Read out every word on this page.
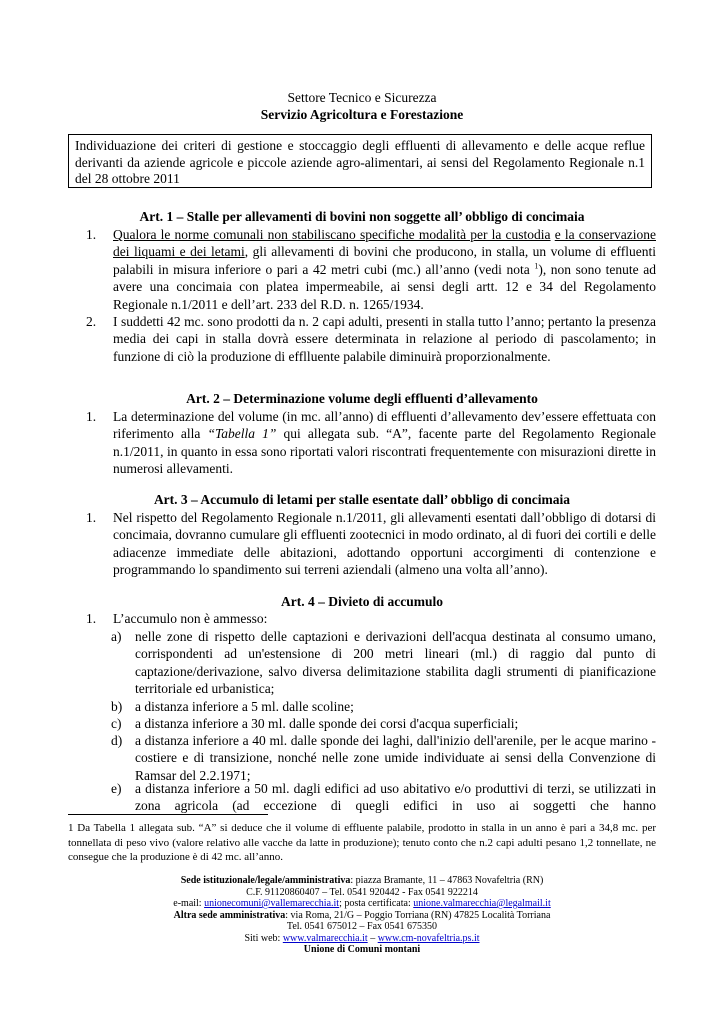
Settore Tecnico e Sicurezza
Servizio Agricoltura e Forestazione
Individuazione dei criteri di gestione e stoccaggio degli effluenti di allevamento e delle acque reflue derivanti da aziende agricole e piccole aziende agro-alimentari, ai sensi del Regolamento Regionale n.1 del 28 ottobre 2011
Art. 1 – Stalle per allevamenti di bovini non soggette all’ obbligo di concimaia
1. Qualora le norme comunali non stabiliscano specifiche modalità per la custodia e la conservazione dei liquami e dei letami, gli allevamenti di bovini che producono, in stalla, un volume di effluenti palabili in misura inferiore o pari a 42 metri cubi (mc.) all’anno (vedi nota $^1$), non sono tenute ad avere una concimaia con platea impermeabile, ai sensi degli artt. 12 e 34 del Regolamento Regionale n.1/2011 e dell’art. 233 del R.D. n. 1265/1934.
2. I suddetti 42 mc. sono prodotti da n. 2 capi adulti, presenti in stalla tutto l’anno; pertanto la presenza media dei capi in stalla dovrà essere determinata in relazione al periodo di pascolamento; in funzione di ciò la produzione di efflluente palabile diminuirà proporzionalmente.
Art. 2 – Determinazione volume degli effluenti d’allevamento
1. La determinazione del volume (in mc. all’anno) di effluenti d’allevamento dev’essere effettuata con riferimento alla “Tabella 1” qui allegata sub. “A”, facente parte del Regolamento Regionale n.1/2011, in quanto in essa sono riportati valori riscontrati frequentemente con misurazioni dirette in numerosi allevamenti.
Art. 3 – Accumulo di letami per stalle esentate dall’ obbligo di concimaia
1. Nel rispetto del Regolamento Regionale n.1/2011, gli allevamenti esentati dall’obbligo di dotarsi di concimaia, dovranno cumulare gli effluenti zootecnici in modo ordinato, al di fuori dei cortili e delle adiacenze immediate delle abitazioni, adottando opportuni accorgimenti di contenzione e programmando lo spandimento sui terreni aziendali (almeno una volta all’anno).
Art. 4 – Divieto di accumulo
1. L’accumulo non è ammesso:
a) nelle zone di rispetto delle captazioni e derivazioni dell'acqua destinata al consumo umano, corrispondenti ad un'estensione di 200 metri lineari (ml.) di raggio dal punto di captazione/derivazione, salvo diversa delimitazione stabilita dagli strumenti di pianificazione territoriale ed urbanistica;
b) a distanza inferiore a 5 ml. dalle scoline;
c) a distanza inferiore a 30 ml. dalle sponde dei corsi d'acqua superficiali;
d) a distanza inferiore a 40 ml. dalle sponde dei laghi, dall'inizio dell'arenile, per le acque marino - costiere e di transizione, nonché nelle zone umide individuate ai sensi della Convenzione di Ramsar del 2.2.1971;
e) a distanza inferiore a 50 ml. dagli edifici ad uso abitativo e/o produttivi di terzi, se utilizzati in zona agricola (ad eccezione di quegli edifici in uso ai soggetti che hanno
1 Da Tabella 1 allegata sub. “A” si deduce che il volume di effluente palabile, prodotto in stalla in un anno è pari a 34,8 mc. per tonnellata di peso vivo (valore relativo alle vacche da latte in produzione); tenuto conto che n.2 capi adulti pesano 1,2 tonnellate, ne consegue che la produzione è di 42 mc. all’anno.
Sede istituzionale/legale/amministrativa: piazza Bramante, 11 – 47863 Novafeltria (RN)
C.F. 91120860407 – Tel. 0541 920442 - Fax 0541 922214
e-mail: unionecomuni@vallemarecchia.it; posta certificata: unione.valmarecchia@legalmail.it
Altra sede amministrativa: via Roma, 21/G – Poggio Torriana (RN) 47825 Località Torriana
Tel. 0541 675012 – Fax 0541 675350
Siti web: www.valmarecchia.it – www.cm-novafeltria.ps.it
Unione di Comuni montani
